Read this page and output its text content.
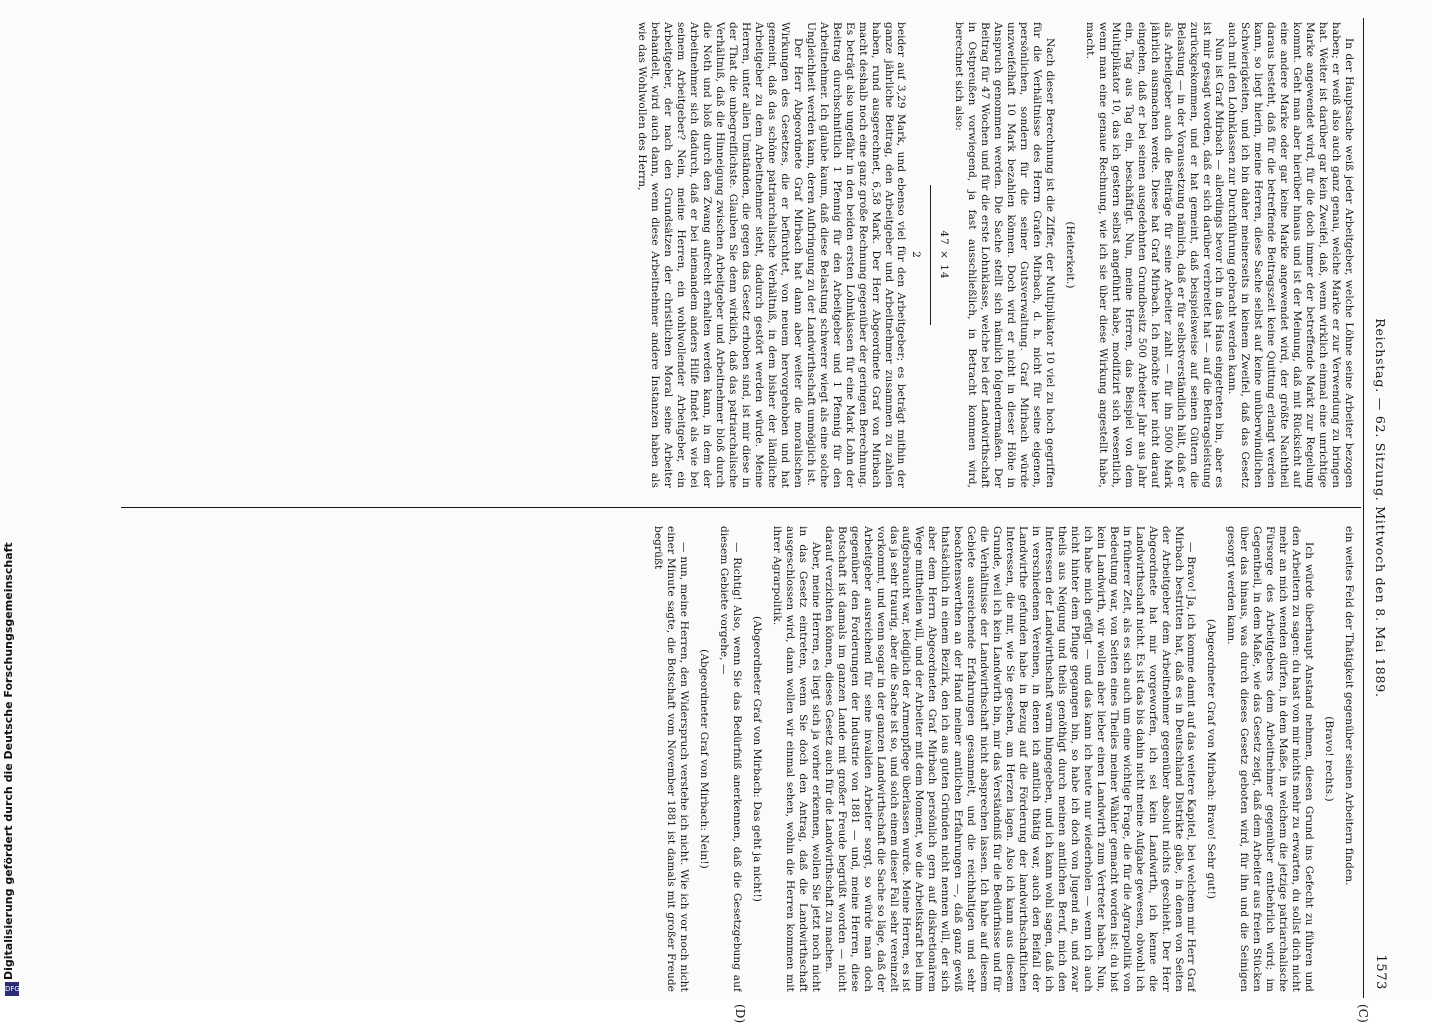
Reichstag. — 62. Sitzung. Mittwoch den 8. Mai 1889.
1573
(C)
(D)

In der Hauptsache weiß jeder Arbeitgeber, welche Löhne seine Arbeiter bezogen haben; er weiß also auch ganz genau, welche Marke er zur Verwendung zu bringen hat. Weiter ist darüber gar kein Zweifel, daß, wenn wirklich einmal eine unrichtige Marke angewendet wird, für die doch immer der betreffende Markt zur Regelung kommt. Geht man aber hierüber hinaus und ist der Meinung, daß mit Rücksicht auf eine andere Marke oder gar keine Marke angewendet wird, der größte Nachtheil daraus besteht, daß für die betreffende Beitragszeit keine Quittung erlangt werden kann, so liegt hierin, meine Herren, diese Sache selbst auf keine unüberwindlichen Schwierigkeiten, und ich bin daher meinerseits in keinem Zweifel, daß das Gesetz auch mit den Lohnklassen zur Durchführung gebracht werden kann.

Nun ist Graf Mirbach — allerdings bevor ich in das Haus eingetreten bin, aber es ist mir gesagt worden, daß er sich darüber verbreitet hat — auf die Beitragsleistung zurückgekommen, und er hat gemeint, daß beispielsweise auf seinen Gütern die Belastung — in der Voraussetzung nämlich, daß er für selbstverständlich hält, daß er als Arbeitgeber auch die Beiträge für seine Arbeiter zahlt — für ihn 5000 Mark jährlich ausmachen werde. Diese hat Graf Mirbach. Ich möchte hier nicht darauf eingehen, daß er bei seinen ausgedehnten Grundbesitz 500 Arbeiter Jahr aus Jahr ein, Tag aus Tag ein, beschäftigt. Nun, meine Herren, das Beispiel von dem Multiplikator 10, das ich gestern selbst angeführt habe, modifizirt sich wesentlich, wenn man eine genaue Rechnung, wie ich sie über diese Wirkung angestellt habe, macht.

(Heiterkeit.)

Nach dieser Berechnung ist die Ziffer, der Multiplikator 10 viel zu hoch gegriffen für die Verhältnisse des Herrn Grafen Mirbach, d. h. nicht für seine eigenen, persönlichen, sondern für die seiner Gutsverwaltung. Graf Mirbach würde unzweifelhaft 10 Mark bezahlen können. Doch wird er nicht in dieser Höhe in Anspruch genommen werden. Die Sache stellt sich nämlich folgendermaßen. Der Beitrag für 47 Wochen und für die erste Lohnklasse, welche bei der Landwirthschaft in Ostpreußen vorwiegend, ja fast ausschließlich, in Betracht kommen wird, berechnet sich also:

47 × 14

2

beider auf 3,29 Mark, und ebenso viel für den Arbeitgeber; es beträgt mithin der ganze jährliche Beitrag, den Arbeitgeber und Arbeitnehmer zusammen zu zahlen haben, rund ausgerechnet, 6,58 Mark. Der Herr Abgeordnete Graf von Mirbach macht deshalb noch eine ganz große Rechnung gegenüber der geringen Berechnung. Es beträgt also ungefähr in den beiden ersten Lohnklassen für eine Mark Lohn der Beitrag durchschnittlich 1 Pfennig für den Arbeitgeber und 1 Pfennig für den Arbeitnehmer. Ich glaube kaum, daß diese Belastung schwerer wiegt als eine solche Ungleichheit werden kann, deren Aufbringung zu der Landwirthschaft unmöglich ist.

Der Herr Abgeordnete Graf Mirbach hat dann aber weiter die moralischen Wirkungen des Gesetzes, die er befürchtet, von neuem hervorgehoben und hat gemeint, daß das schöne patriarchalische Verhältniß, in dem bisher der ländliche Arbeitgeber zu dem Arbeitnehmer steht, dadurch gestört werden würde. Meine Herren, unter allen Umständen, die gegen das Gesetz erhoben sind, ist mir diese in der That die unbegreiflichste. Glauben Sie denn wirklich, daß das patriarchalische Verhältniß, daß die Hinneigung zwischen Arbeitgeber und Arbeitnehmer bloß durch die Noth und bloß durch den Zwang aufrecht erhalten werden kann, in dem der Arbeitnehmer sich dadurch, daß er bei niemandem anders Hilfe findet als wie bei seinem Arbeitgeber? Nein, meine Herren, ein wohlwollender Arbeitgeber, ein Arbeitgeber, der nach den Grundsätzen der christlichen Moral seine Arbeiter behandelt, wird auch dann, wenn diese Arbeitnehmer andere Instanzen haben als wie das Wohlwollen des Herrn,

ein weites Feld der Thätigkeit gegenüber seinen Arbeitern finden.

(Bravo! rechts.)

Ich würde überhaupt Anstand nehmen, diesen Grund ins Gefecht zu führen und den Arbeitern zu sagen: du hast von mir nichts mehr zu erwarten, du sollst dich nicht mehr an mich wenden dürfen, in dem Maße, in welchem die jetzige patriarchalische Fürsorge des Arbeitgebers dem Arbeitnehmer gegenüber entbehrlich wird; im Gegentheil, in dem Maße, wie das Gesetz zeigt, daß dem Arbeiter aus freien Stücken über das hinaus, was durch dieses Gesetz geboten wird, für ihn und die Seinigen gesorgt werden kann.

(Abgeordneter Graf von Mirbach: Bravo! Sehr gut!)

— Bravo! Ja, ich komme damit auf das weitere Kapitel, bei welchem mir Herr Graf Mirbach bestritten hat, daß es in Deutschland Distrikte gäbe, in denen von Seiten der Arbeitgeber dem Arbeitnehmer gegenüber absolut nichts geschieht. Der Herr Abgeordnete hat mir vorgeworfen, ich sei kein Landwirth, ich kenne die Landwirthschaft nicht. Es ist das bis dahin nicht meine Aufgabe gewesen, obwohl ich in früherer Zeit, als es sich auch um eine wichtige Frage, die für die Agrarpolitik von Bedeutung war, von Seiten eines Theiles meiner Wähler gemacht worden ist: du bist kein Landwirth, wir wollen aber lieber einen Landwirth zum Vertreter haben. Nun, ich habe mich gefügt — und das kann ich heute nur wiederholen — wenn ich auch nicht hinter dem Pfluge gegangen bin, so habe ich doch von Jugend an, und zwar theils aus Neigung und theils genöthigt durch meinen amtlichen Beruf, mich den Interessen der Landwirthschaft warm hingegeben, und ich kann wohl sagen, daß ich in verschiedenen Vereinen, in denen ich amtlich thätig war, auch den Beifall der Landwirthe gefunden habe in Bezug auf die Förderung der landwirthschaftlichen Interessen, die mir, wie Sie gesehen, am Herzen lagen. Also ich kann aus diesem Grunde, weil ich kein Landwirth bin, mir das Verständniß für die Bedürfnisse und für die Verhältnisse der Landwirthschaft nicht absprechen lassen. Ich habe auf diesem Gebiete ausreichende Erfahrungen gesammelt, und die reichhaltigen und sehr beachtenswerthen an der Hand meiner amtlichen Erfahrungen —, daß ganz gewiß thatsächlich in einem Bezirk, den ich aus guten Gründen nicht nennen will, der sich aber dem Herrn Abgeordneten Graf Mirbach persönlich gern auf diskretionärem Wege mittheilen will, und der Arbeiter mit dem Moment, wo die Arbeitskraft bei ihm aufgebraucht war, lediglich der Armenpflege überlassen wurde. Meine Herren, es ist das ja sehr traurig, aber die Sache ist so, und solch einem dieser Fall sehr vereinzelt vorkommt, und wenn sogar in der ganzen Landwirthschaft die Sache so läge, daß der Arbeitgeber ausreichend für seine invaliden Arbeiter sorgt, so würde man doch gegenüber den Forderungen der Industrie von 1881 — und, meine Herren, diese Botschaft ist damals im ganzen Lande mit großer Freude begrüßt worden — nicht darauf verzichten können, dieses Gesetz auch für die Landwirthschaft zu machen.

Aber, meine Herren, es liegt sich ja vorher erkennen, wollen Sie jetzt noch nicht in das Gesetz eintreten, wenn Sie doch den Antrag, daß die Landwirthschaft ausgeschlossen wird, dann wollen wir einmal sehen, wohin die Herren kommen mit ihrer Agrarpolitik.

(Abgeordneter Graf von Mirbach: Das geht ja nicht!)

— Richtig! Also, wenn Sie das Bedürfniß anerkennen, daß die Gesetzgebung auf diesem Gebiete vorgehe, —

(Abgeordneter Graf von Mirbach: Nein!)

— nun, meine Herren, den Widerspruch verstehe ich nicht. Wie ich vor noch nicht einer Minute sagte, die Botschaft vom November 1881 ist damals mit großer Freude begrüßt

Digitalisierung gefördert durch die Deutsche Forschungsgemeinschaft
DFG
